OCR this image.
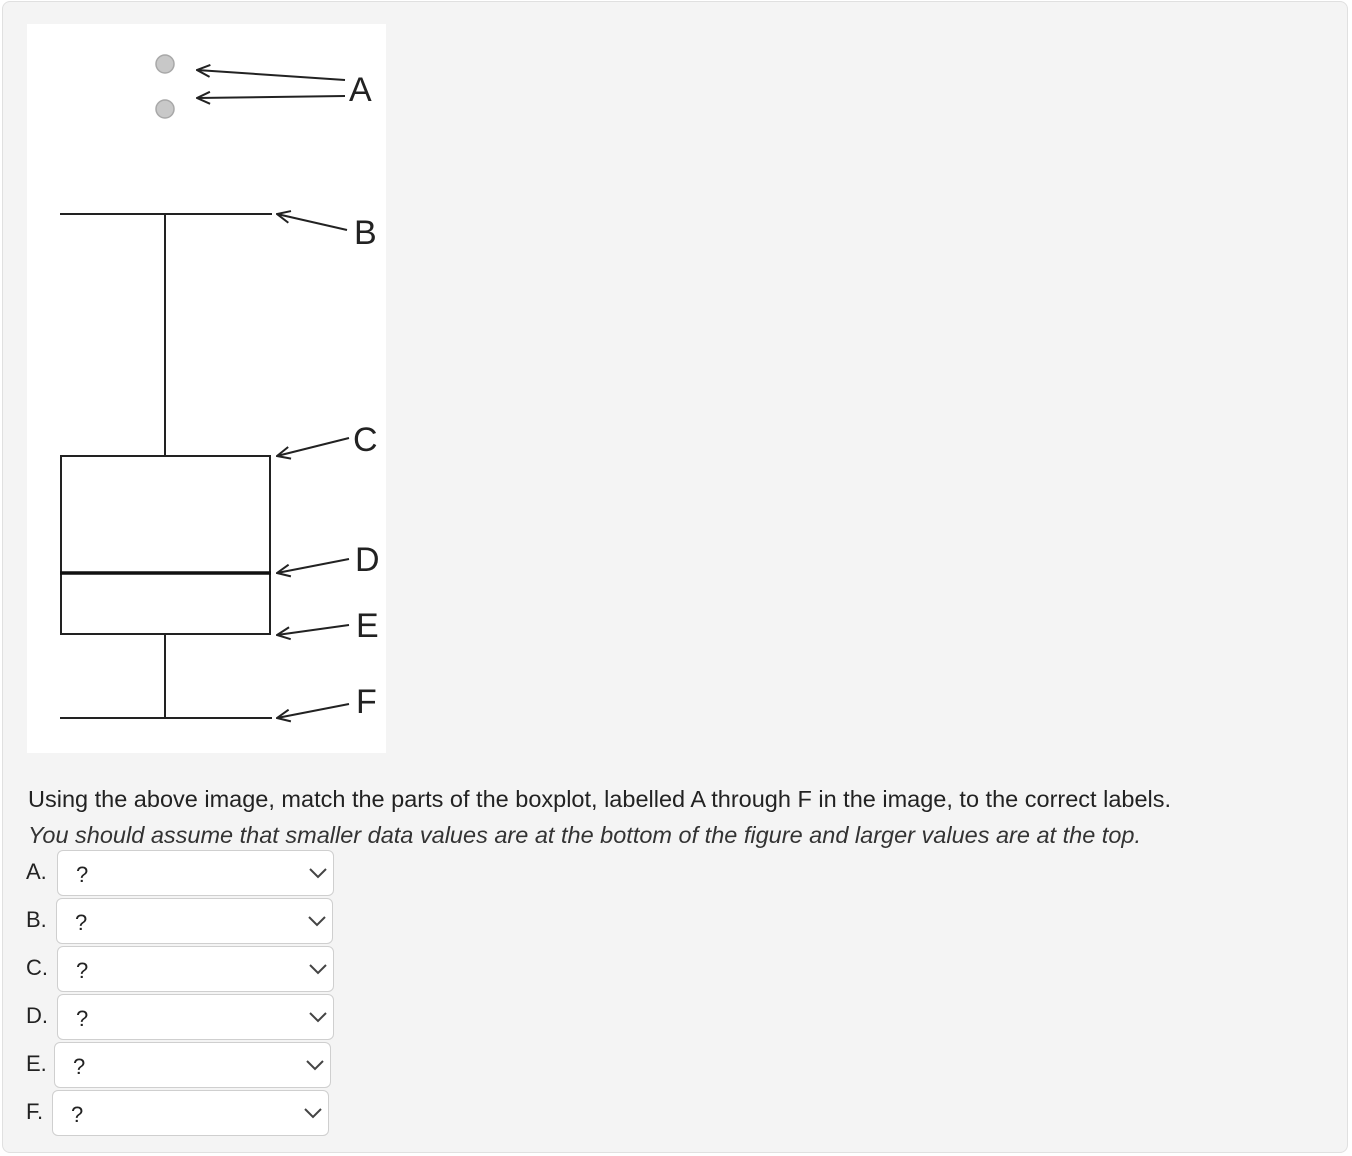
A
B
C
D
E
F
Using the above image, match the parts of the boxplot, labelled A through F in the image, to the correct labels.
You should assume that smaller data values are at the bottom of the figure and larger values are at the top.
A. ?
B. ?
C. ?
D. ?
E. ?
F. ?
